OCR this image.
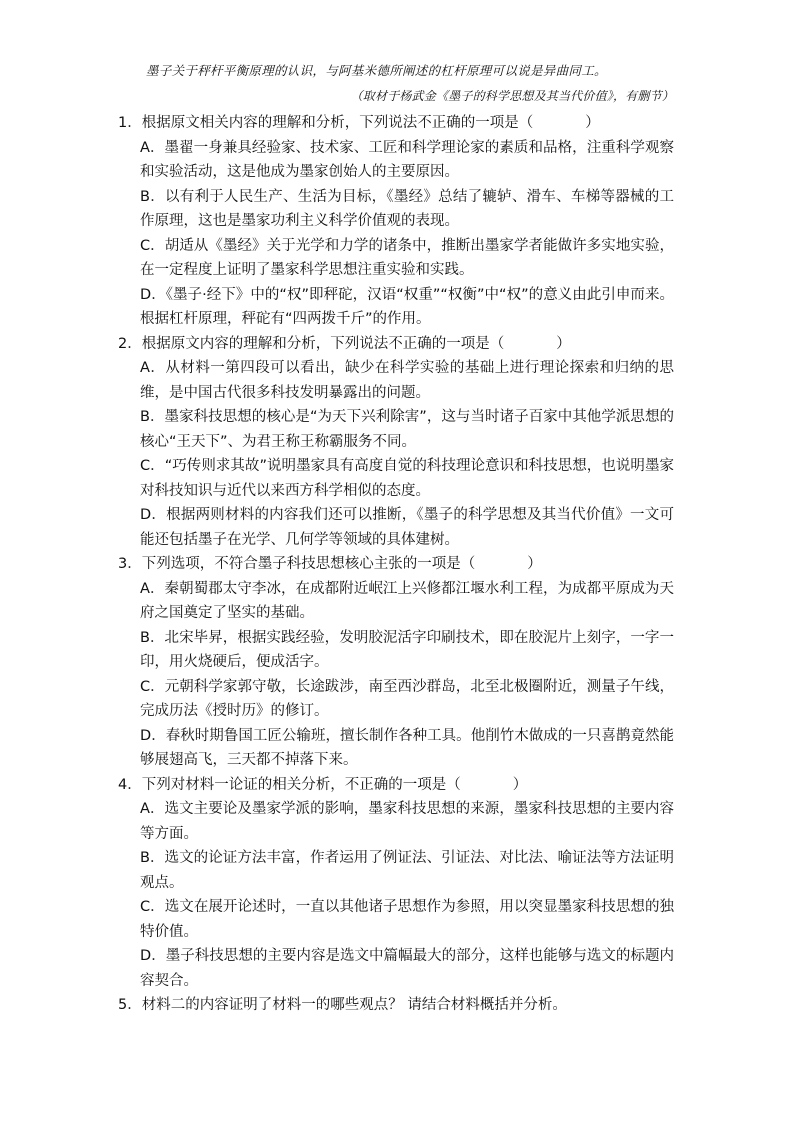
墨子关于秤杆平衡原理的认识，与阿基米德所阐述的杠杆原理可以说是异曲同工。
（取材于杨武金《墨子的科学思想及其当代价值》，有删节）
1．根据原文相关内容的理解和分析，下列说法不正确的一项是（	）
A．墨翟一身兼具经验家、技术家、工匠和科学理论家的素质和品格，注重科学观察和实验活动，这是他成为墨家创始人的主要原因。
B．以有利于人民生产、生活为目标，《墨经》总结了辘轳、滑车、车梯等器械的工作原理，这也是墨家功利主义科学价值观的表现。
C．胡适从《墨经》关于光学和力学的诸条中，推断出墨家学者能做许多实地实验，在一定程度上证明了墨家科学思想注重实验和实践。
D．《墨子·经下》中的“权”即秤砣，汉语“权重”“权衡”中“权”的意义由此引申而来。根据杠杆原理，秤砣有“四两拨千斤”的作用。
2．根据原文内容的理解和分析，下列说法不正确的一项是（	）
A．从材料一第四段可以看出，缺少在科学实验的基础上进行理论探索和归纳的思维，是中国古代很多科技发明暴露出的问题。
B．墨家科技思想的核心是“为天下兴利除害”，这与当时诸子百家中其他学派思想的核心“王天下”、为君王称王称霸服务不同。
C．“巧传则求其故”说明墨家具有高度自觉的科技理论意识和科技思想，也说明墨家对科技知识与近代以来西方科学相似的态度。
D．根据两则材料的内容我们还可以推断，《墨子的科学思想及其当代价值》一文可能还包括墨子在光学、几何学等领域的具体建树。
3．下列选项，不符合墨子科技思想核心主张的一项是（	）
A．秦朝蜀郡太守李冰，在成都附近岷江上兴修都江堰水利工程，为成都平原成为天府之国奠定了坚实的基础。
B．北宋毕昇，根据实践经验，发明胶泥活字印刷技术，即在胶泥片上刻字，一字一印，用火烧硬后，便成活字。
C．元朝科学家郭守敬，长途跋涉，南至西沙群岛，北至北极圈附近，测量子午线，完成历法《授时历》的修订。
D．春秋时期鲁国工匠公输班，擅长制作各种工具。他削竹木做成的一只喜鹊竟然能够展翅高飞，三天都不掉落下来。
4．下列对材料一论证的相关分析，不正确的一项是（	）
A．选文主要论及墨家学派的影响，墨家科技思想的来源，墨家科技思想的主要内容等方面。
B．选文的论证方法丰富，作者运用了例证法、引证法、对比法、喻证法等方法证明观点。
C．选文在展开论述时，一直以其他诸子思想作为参照，用以突显墨家科技思想的独特价值。
D．墨子科技思想的主要内容是选文中篇幅最大的部分，这样也能够与选文的标题内容契合。
5．材料二的内容证明了材料一的哪些观点？ 请结合材料概括并分析。
